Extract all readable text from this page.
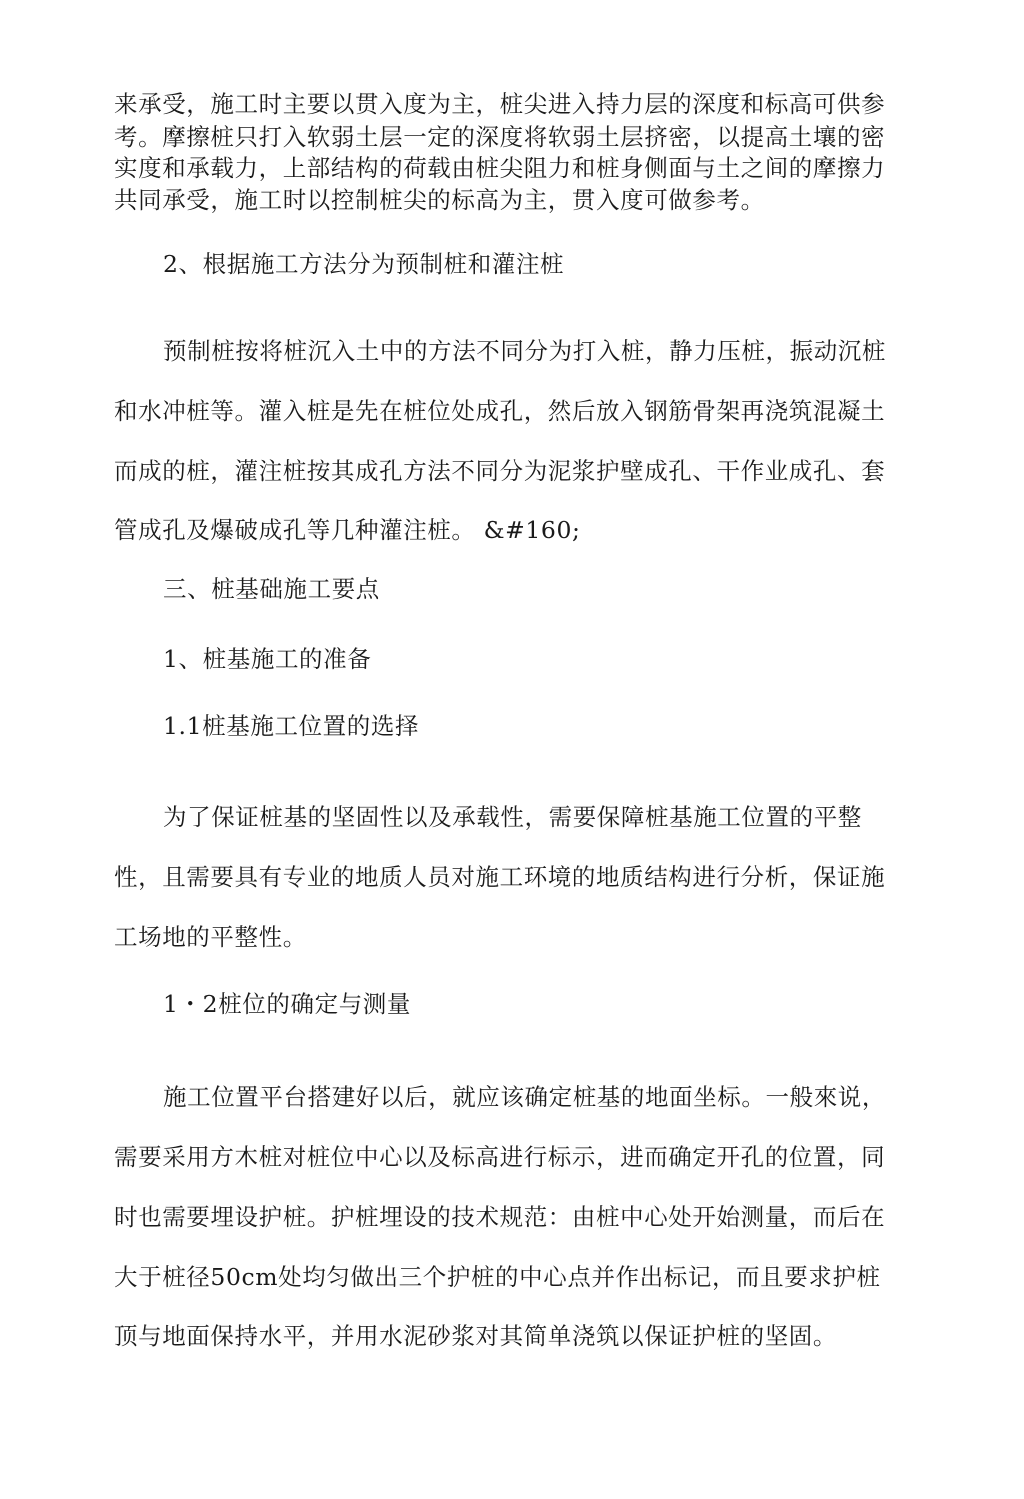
来承受，施工时主要以贯入度为主，桩尖进入持力层的深度和标高可供参
考。摩擦桩只打入软弱土层一定的深度将软弱土层挤密，以提高土壤的密
实度和承载力，上部结构的荷载由桩尖阻力和桩身侧面与土之间的摩擦力
共同承受，施工时以控制桩尖的标高为主，贯入度可做参考。
2、根据施工方法分为预制桩和灌注桩
预制桩按将桩沉入土中的方法不同分为打入桩，静力压桩，振动沉桩
和水冲桩等。灌入桩是先在桩位处成孔，然后放入钢筋骨架再浇筑混凝土
而成的桩，灌注桩按其成孔方法不同分为泥浆护壁成孔、干作业成孔、套
管成孔及爆破成孔等几种灌注桩。 &#160;
三、桩基础施工要点
1、桩基施工的准备
1.1桩基施工位置的选择
为了保证桩基的坚固性以及承载性，需要保障桩基施工位置的平整
性，且需要具有专业的地质人员对施工环境的地质结构进行分析，保证施
工场地的平整性。
1・2桩位的确定与测量
施工位置平台搭建好以后，就应该确定桩基的地面坐标。一般來说，
需要采用方木桩对桩位中心以及标高进行标示，进而确定开孔的位置，同
时也需要埋设护桩。护桩埋设的技术规范：由桩中心处开始测量，而后在
大于桩径50cm处均匀做出三个护桩的中心点并作出标记，而且要求护桩
顶与地面保持水平，并用水泥砂浆对其简单浇筑以保证护桩的坚固。
